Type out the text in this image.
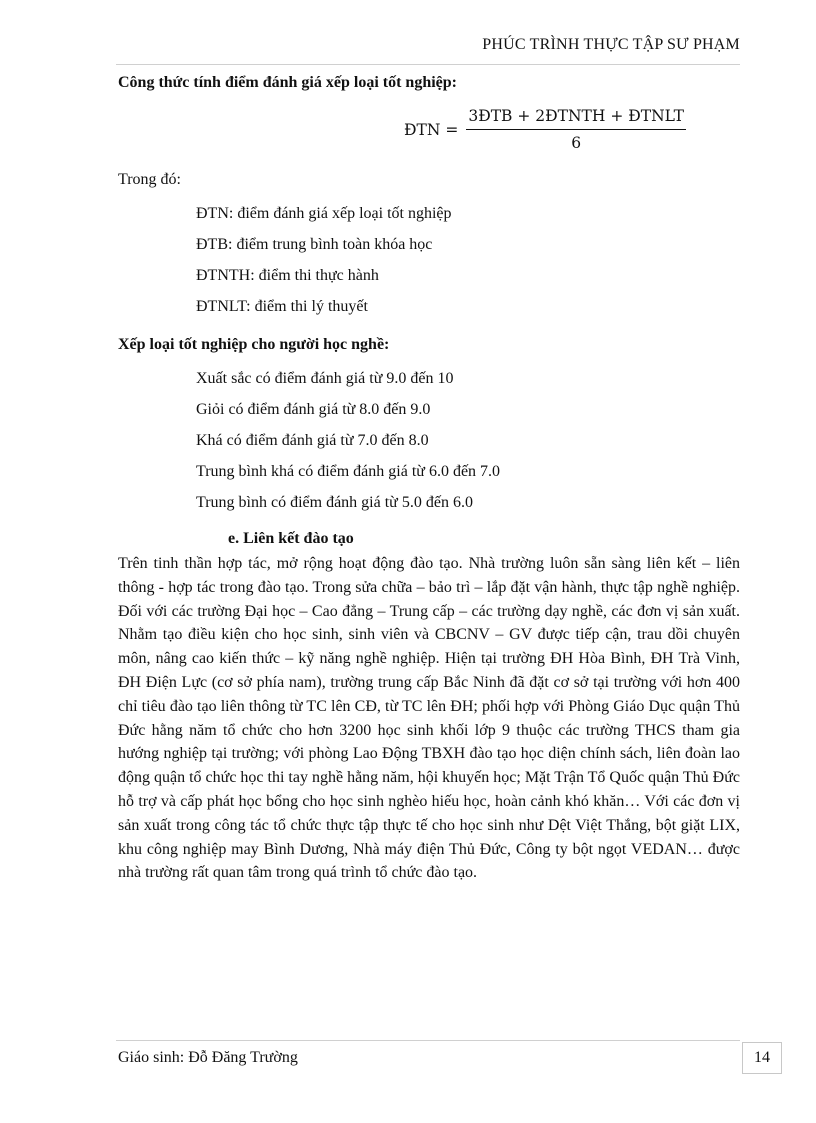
PHÚC TRÌNH THỰC TẬP SƯ PHẠM
Công thức tính điểm đánh giá xếp loại tốt nghiệp:
ĐTN = $\frac{\text{3ĐTB + 2ĐTNTH + ĐTNLT}}{6}$
Trong đó:
ĐTN: điểm đánh giá xếp loại tốt nghiệp
ĐTB: điểm trung bình toàn khóa học
ĐTNTH: điểm thi thực hành
ĐTNLT: điểm thi lý thuyết
Xếp loại tốt nghiệp cho người học nghề:
Xuất sắc có điểm đánh giá từ 9.0 đến 10
Giỏi có điểm đánh giá từ 8.0 đến 9.0
Khá có điểm đánh giá từ 7.0 đến 8.0
Trung bình khá có điểm đánh giá từ 6.0 đến 7.0
Trung bình có điểm đánh giá từ 5.0 đến 6.0
e. Liên kết đào tạo
Trên tinh thần hợp tác, mở rộng hoạt động đào tạo. Nhà trường luôn sẵn sàng liên kết – liên thông - hợp tác trong đào tạo. Trong sửa chữa – bảo trì – lắp đặt vận hành, thực tập nghề nghiệp. Đối với các trường Đại học – Cao đẳng – Trung cấp – các trường dạy nghề, các đơn vị sản xuất. Nhằm tạo điều kiện cho học sinh, sinh viên và CBCNV – GV được tiếp cận, trau dồi chuyên môn, nâng cao kiến thức – kỹ năng nghề nghiệp. Hiện tại trường ĐH Hòa Bình, ĐH Trà Vinh, ĐH Điện Lực (cơ sở phía nam), trường trung cấp Bắc Ninh đã đặt cơ sở tại trường với hơn 400 chỉ tiêu đào tạo liên thông từ TC lên CĐ, từ TC lên ĐH; phối hợp với Phòng Giáo Dục quận Thủ Đức hằng năm tổ chức cho hơn 3200 học sinh khối lớp 9 thuộc các trường THCS tham gia hướng nghiệp tại trường; với phòng Lao Động TBXH đào tạo học diện chính sách, liên đoàn lao động quận tổ chức học thi tay nghề hằng năm, hội khuyến học; Mặt Trận Tổ Quốc quận Thủ Đức hỗ trợ và cấp phát học bổng cho học sinh nghèo hiếu học, hoàn cảnh khó khăn… Với các đơn vị sản xuất trong công tác tổ chức thực tập thực tế cho học sinh như Dệt Việt Thắng, bột giặt LIX, khu công nghiệp may Bình Dương, Nhà máy điện Thủ Đức, Công ty bột ngọt VEDAN… được nhà trường rất quan tâm trong quá trình tổ chức đào tạo.
Giáo sinh: Đỗ Đăng Trường	14
